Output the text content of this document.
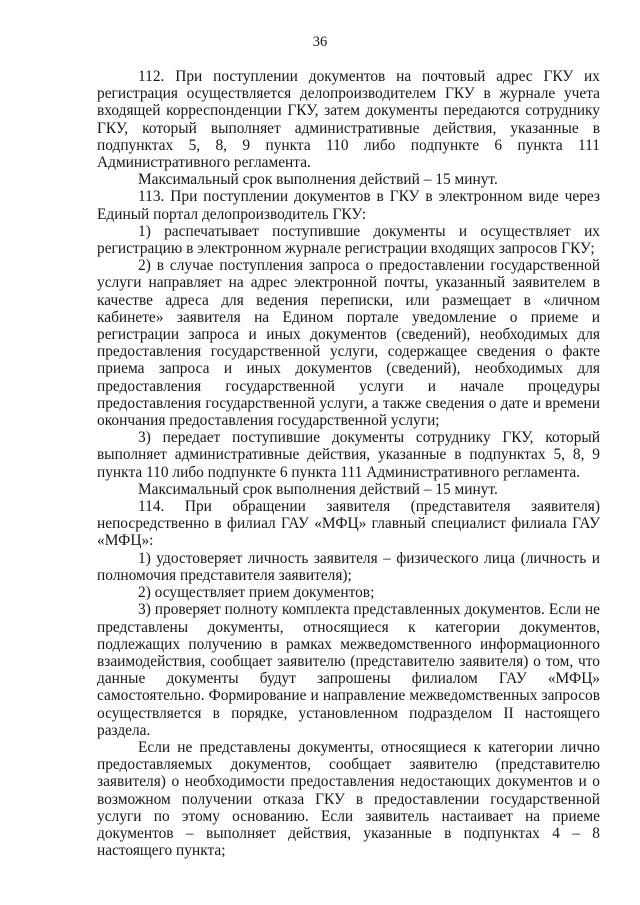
36

112. При поступлении документов на почтовый адрес ГКУ их регистрация осуществляется делопроизводителем ГКУ в журнале учета входящей корреспонденции ГКУ, затем документы передаются сотруднику ГКУ, который выполняет административные действия, указанные в подпунктах 5, 8, 9 пункта 110 либо подпункте 6 пункта 111 Административного регламента.

Максимальный срок выполнения действий – 15 минут.

113. При поступлении документов в ГКУ в электронном виде через Единый портал делопроизводитель ГКУ:

1) распечатывает поступившие документы и осуществляет их регистрацию в электронном журнале регистрации входящих запросов ГКУ;

2) в случае поступления запроса о предоставлении государственной услуги направляет на адрес электронной почты, указанный заявителем в качестве адреса для ведения переписки, или размещает в «личном кабинете» заявителя на Едином портале уведомление о приеме и регистрации запроса и иных документов (сведений), необходимых для предоставления государственной услуги, содержащее сведения о факте приема запроса и иных документов (сведений), необходимых для предоставления государственной услуги и начале процедуры предоставления государственной услуги, а также сведения о дате и времени окончания предоставления государственной услуги;

3) передает поступившие документы сотруднику ГКУ, который выполняет административные действия, указанные в подпунктах 5, 8, 9 пункта 110 либо подпункте 6 пункта 111 Административного регламента.

Максимальный срок выполнения действий – 15 минут.

114. При обращении заявителя (представителя заявителя) непосредственно в филиал ГАУ «МФЦ» главный специалист филиала ГАУ «МФЦ»:

1) удостоверяет личность заявителя – физического лица (личность и полномочия представителя заявителя);

2) осуществляет прием документов;

3) проверяет полноту комплекта представленных документов. Если не представлены документы, относящиеся к категории документов, подлежащих получению в рамках межведомственного информационного взаимодействия, сообщает заявителю (представителю заявителя) о том, что данные документы будут запрошены филиалом ГАУ «МФЦ» самостоятельно. Формирование и направление межведомственных запросов осуществляется в порядке, установленном подразделом II настоящего раздела.

Если не представлены документы, относящиеся к категории лично предоставляемых документов, сообщает заявителю (представителю заявителя) о необходимости предоставления недостающих документов и о возможном получении отказа ГКУ в предоставлении государственной услуги по этому основанию. Если заявитель настаивает на приеме документов – выполняет действия, указанные в подпунктах 4 – 8 настоящего пункта;
